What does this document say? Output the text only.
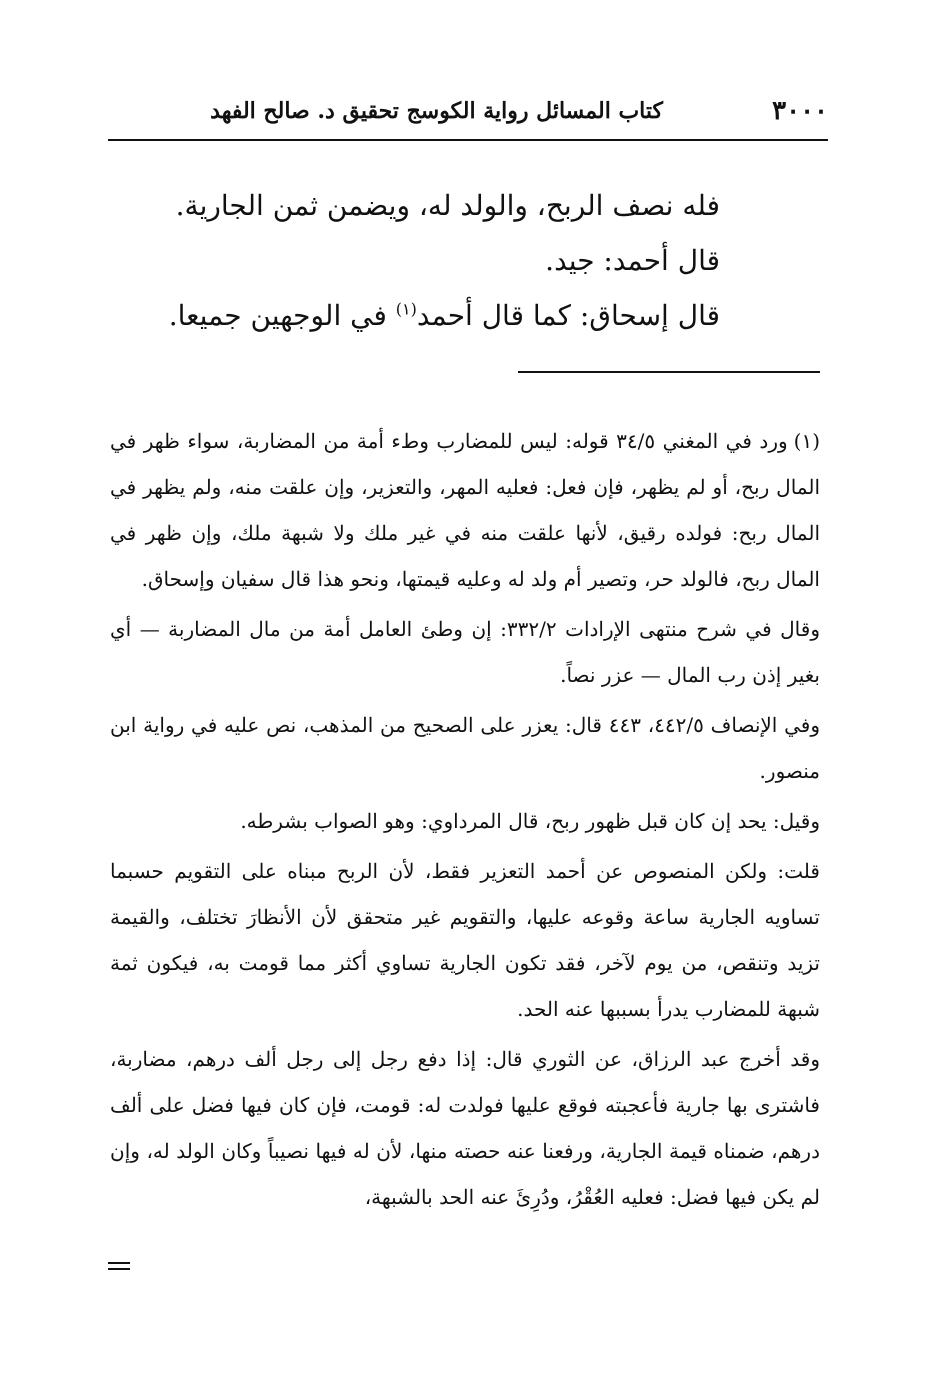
٣٠٠٠
كتاب المسائل رواية الكوسج تحقيق د. صالح الفهد

فله نصف الربح، والولد له، ويضمن ثمن الجارية.

قال أحمد: جيد.

قال إسحاق: كما قال أحمد$^{(١)}$ في الوجهين جميعا.

(١)ورد في المغني ٣٤/٥ قوله: ليس للمضارب وطء أمة من المضاربة، سواء ظهر في المال ربح، أو لم يظهر، فإن فعل: فعليه المهر، والتعزير، وإن علقت منه، ولم يظهر في المال ربح: فولده رقيق، لأنها علقت منه في غير ملك ولا شبهة ملك، وإن ظهر في المال ربح، فالولد حر، وتصير أم ولد له وعليه قيمتها، ونحو هذا قال سفيان وإسحاق.

وقال في شرح منتهى الإرادات ٣٣٢/٢: إن وطئ العامل أمة من مال المضاربة — أي بغير إذن رب المال — عزر نصاً.

وفي الإنصاف ٤٤٢/٥، ٤٤٣ قال: يعزر على الصحيح من المذهب، نص عليه في رواية ابن منصور.

وقيل: يحد إن كان قبل ظهور ربح، قال المرداوي: وهو الصواب بشرطه.

قلت: ولكن المنصوص عن أحمد التعزير فقط، لأن الربح مبناه على التقويم حسبما تساويه الجارية ساعة وقوعه عليها، والتقويم غير متحقق لأن الأنظارَ تختلف، والقيمة تزيد وتنقص، من يوم لآخر، فقد تكون الجارية تساوي أكثر مما قومت به، فيكون ثمة شبهة للمضارب يدرأ بسببها عنه الحد.

وقد أخرج عبد الرزاق، عن الثوري قال: إذا دفع رجل إلى رجل ألف درهم، مضاربة، فاشترى بها جارية فأعجبته فوقع عليها فولدت له: قومت، فإن كان فيها فضل على ألف درهم، ضمناه قيمة الجارية، ورفعنا عنه حصته منها، لأن له فيها نصيباً وكان الولد له، وإن لم يكن فيها فضل: فعليه العُقْرُ، ودُرِئَ عنه الحد بالشبهة،
